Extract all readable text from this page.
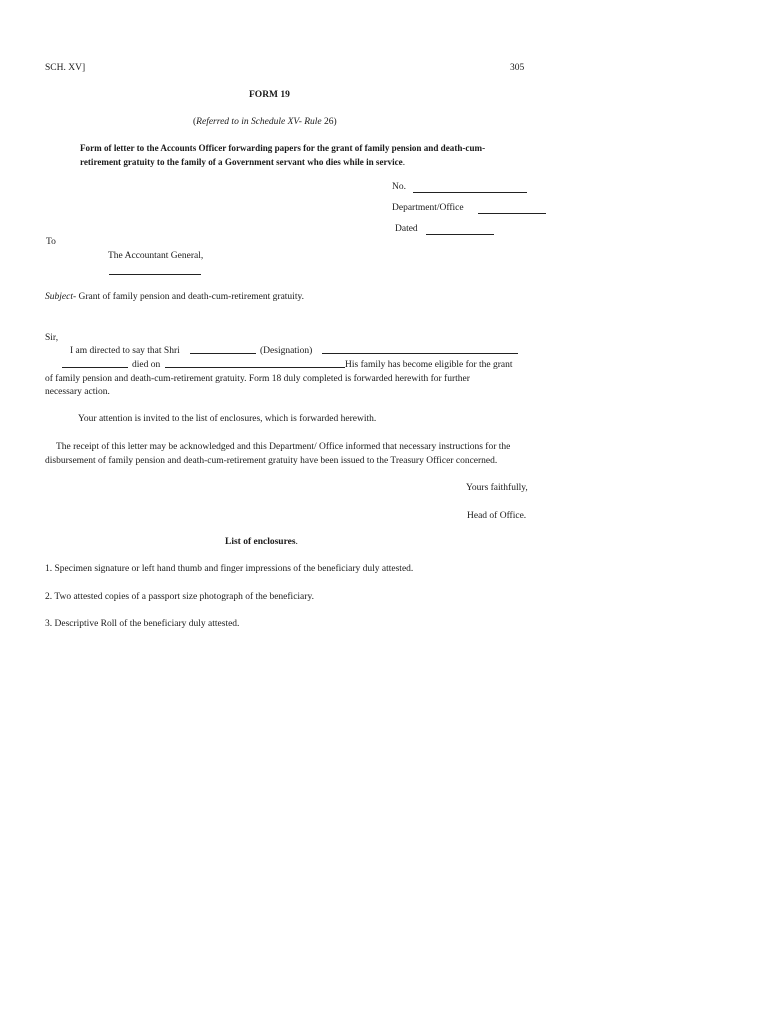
SCH. XV]	305
FORM 19
(Referred to in Schedule XV- Rule 26)
Form of letter to the Accounts Officer forwarding papers for the grant of family pension and death-cum-
retirement gratuity to the family of a Government servant who dies while in service.
No.
Department/Office
Dated
To
The Accountant General,
Subject- Grant of family pension and death-cum-retirement gratuity.
Sir,
I am directed to say that Shri	(Designation)
died on	His family has become eligible for the grant
of family pension and death-cum-retirement gratuity. Form 18 duly completed is forwarded herewith for further
necessary action.
Your attention is invited to the list of enclosures, which is forwarded herewith.
The receipt of this letter may be acknowledged and this Department/ Office informed that necessary instructions for the
disbursement of family pension and death-cum-retirement gratuity have been issued to the Treasury Officer concerned.
Yours faithfully,
Head of Office.
List of enclosures.
1. Specimen signature or left hand thumb and finger impressions of the beneficiary duly attested.
2. Two attested copies of a passport size photograph of the beneficiary.
3. Descriptive Roll of the beneficiary duly attested.
